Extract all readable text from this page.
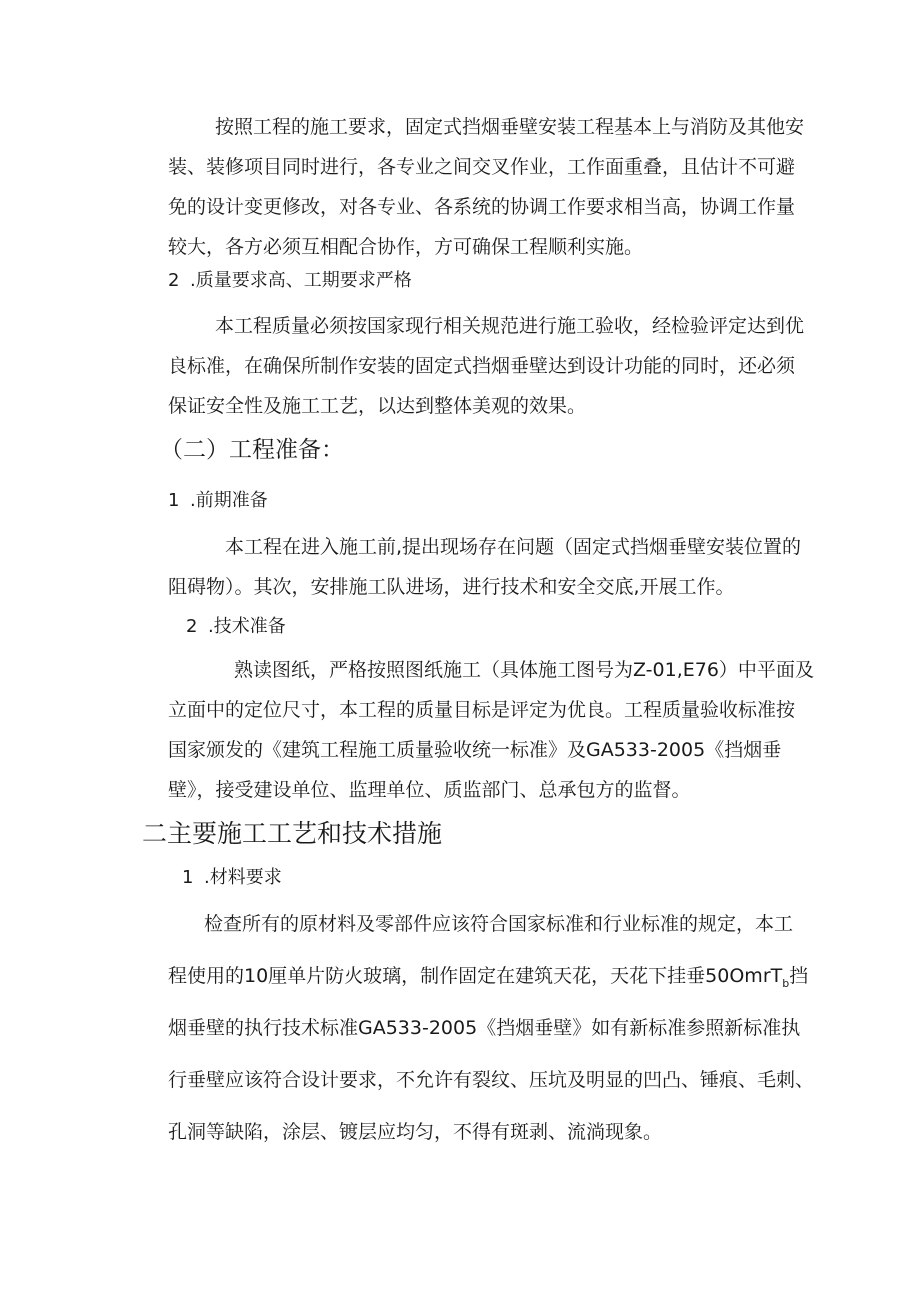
按照工程的施工要求，固定式挡烟垂壁安装工程基本上与消防及其他安
装、装修项目同时进行，各专业之间交叉作业，工作面重叠，且估计不可避
免的设计变更修改，对各专业、各系统的协调工作要求相当高，协调工作量
较大，各方必须互相配合协作，方可确保工程顺利实施。
2 .质量要求高、工期要求严格
本工程质量必须按国家现行相关规范进行施工验收，经检验评定达到优
良标准，在确保所制作安装的固定式挡烟垂壁达到设计功能的同时，还必须
保证安全性及施工工艺，以达到整体美观的效果。
（二）工程准备：
1 .前期准备
本工程在进入施工前,提出现场存在问题（固定式挡烟垂壁安装位置的
阻碍物）。其次，安排施工队进场，进行技术和安全交底,开展工作。
2 .技术准备
熟读图纸，严格按照图纸施工（具体施工图号为Z-01,E76）中平面及
立面中的定位尺寸，本工程的质量目标是评定为优良。工程质量验收标准按
国家颁发的《建筑工程施工质量验收统一标准》及GA533-2005《挡烟垂
壁》，接受建设单位、监理单位、质监部门、总承包方的监督。
二主要施工工艺和技术措施
1 .材料要求
检查所有的原材料及零部件应该符合国家标准和行业标准的规定，本工
程使用的10厘单片防火玻璃，制作固定在建筑天花，天花下挂垂50OmrT$_b$挡
烟垂壁的执行技术标准GA533-2005《挡烟垂壁》如有新标准参照新标准执
行垂壁应该符合设计要求，不允许有裂纹、压坑及明显的凹凸、锤痕、毛刺、
孔洞等缺陷，涂层、镀层应均匀，不得有斑剥、流淌现象。
